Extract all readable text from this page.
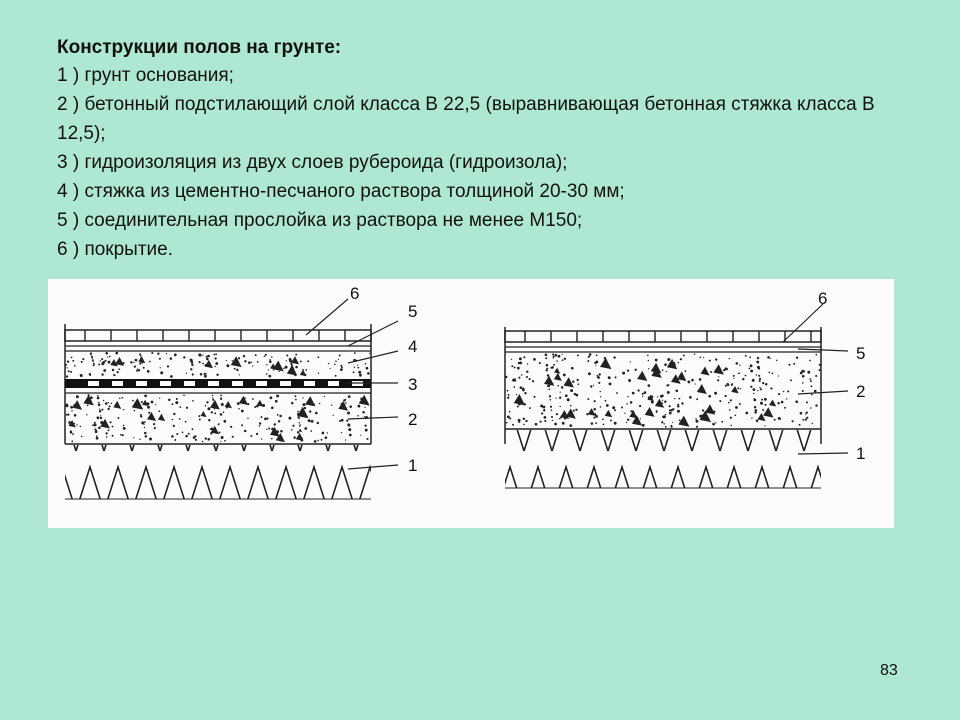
Конструкции полов на грунте:
1 ) грунт основания;
2 ) бетонный подстилающий слой класса В 22,5 (выравнивающая бетонная стяжка класса В 12,5);
3 ) гидроизоляция из двух слоев рубероида (гидроизола);
4 ) стяжка из цементно-песчаного раствора толщиной 20-30 мм;
5 ) соединительная прослойка из раствора не менее М150;
6 ) покрытие.
6
5
4
3
2
1
6
5
2
1
83
